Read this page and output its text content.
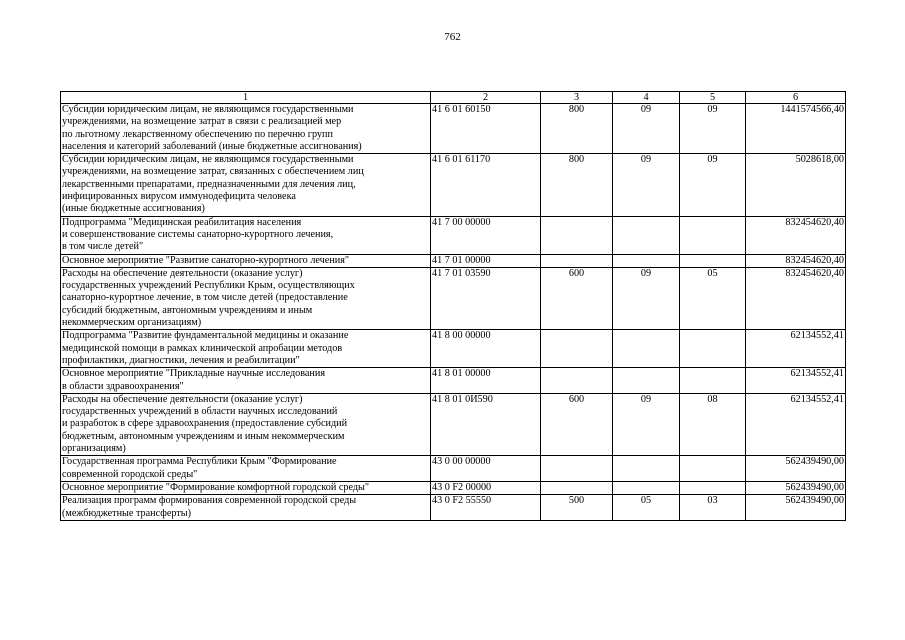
762
1	2	3	4	5	6

Субсидии юридическим лицам, не являющимся государственными
учреждениями, на возмещение затрат в связи с реализацией мер
по льготному лекарственному обеспечению по перечню групп
населения и категорий заболеваний (иные бюджетные ассигнования)	41 6 01 60150	800	09	09	1441574566,40

Субсидии юридическим лицам, не являющимся государственными
учреждениями, на возмещение затрат, связанных с обеспечением лиц
лекарственными препаратами, предназначенными для лечения лиц,
инфицированных вирусом иммунодефицита человека
(иные бюджетные ассигнования)	41 6 01 61170	800	09	09	5028618,00

Подпрограмма "Медицинская реабилитация населения
и совершенствование системы санаторно-курортного лечения,
в том числе детей"	41 7 00 00000				832454620,40

Основное мероприятие "Развитие санаторно-курортного лечения"	41 7 01 00000				832454620,40

Расходы на обеспечение деятельности (оказание услуг)
государственных учреждений Республики Крым, осуществляющих
санаторно-курортное лечение, в том числе детей (предоставление
субсидий бюджетным, автономным учреждениям и иным
некоммерческим организациям)	41 7 01 03590	600	09	05	832454620,40

Подпрограмма "Развитие фундаментальной медицины и оказание
медицинской помощи в рамках клинической апробации методов
профилактики, диагностики, лечения и реабилитации"	41 8 00 00000				62134552,41

Основное мероприятие "Прикладные научные исследования
в области здравоохранения"	41 8 01 00000				62134552,41

Расходы на обеспечение деятельности (оказание услуг)
государственных учреждений в области научных исследований
и разработок в сфере здравоохранения (предоставление субсидий
бюджетным, автономным учреждениям и иным некоммерческим
организациям)	41 8 01 0И590	600	09	08	62134552,41

Государственная программа Республики Крым "Формирование
современной городской среды"	43 0 00 00000				562439490,00

Основное мероприятие "Формирование комфортной городской среды"	43 0 F2 00000				562439490,00

Реализация программ формирования современной городской среды
(межбюджетные трансферты)	43 0 F2 55550	500	05	03	562439490,00
